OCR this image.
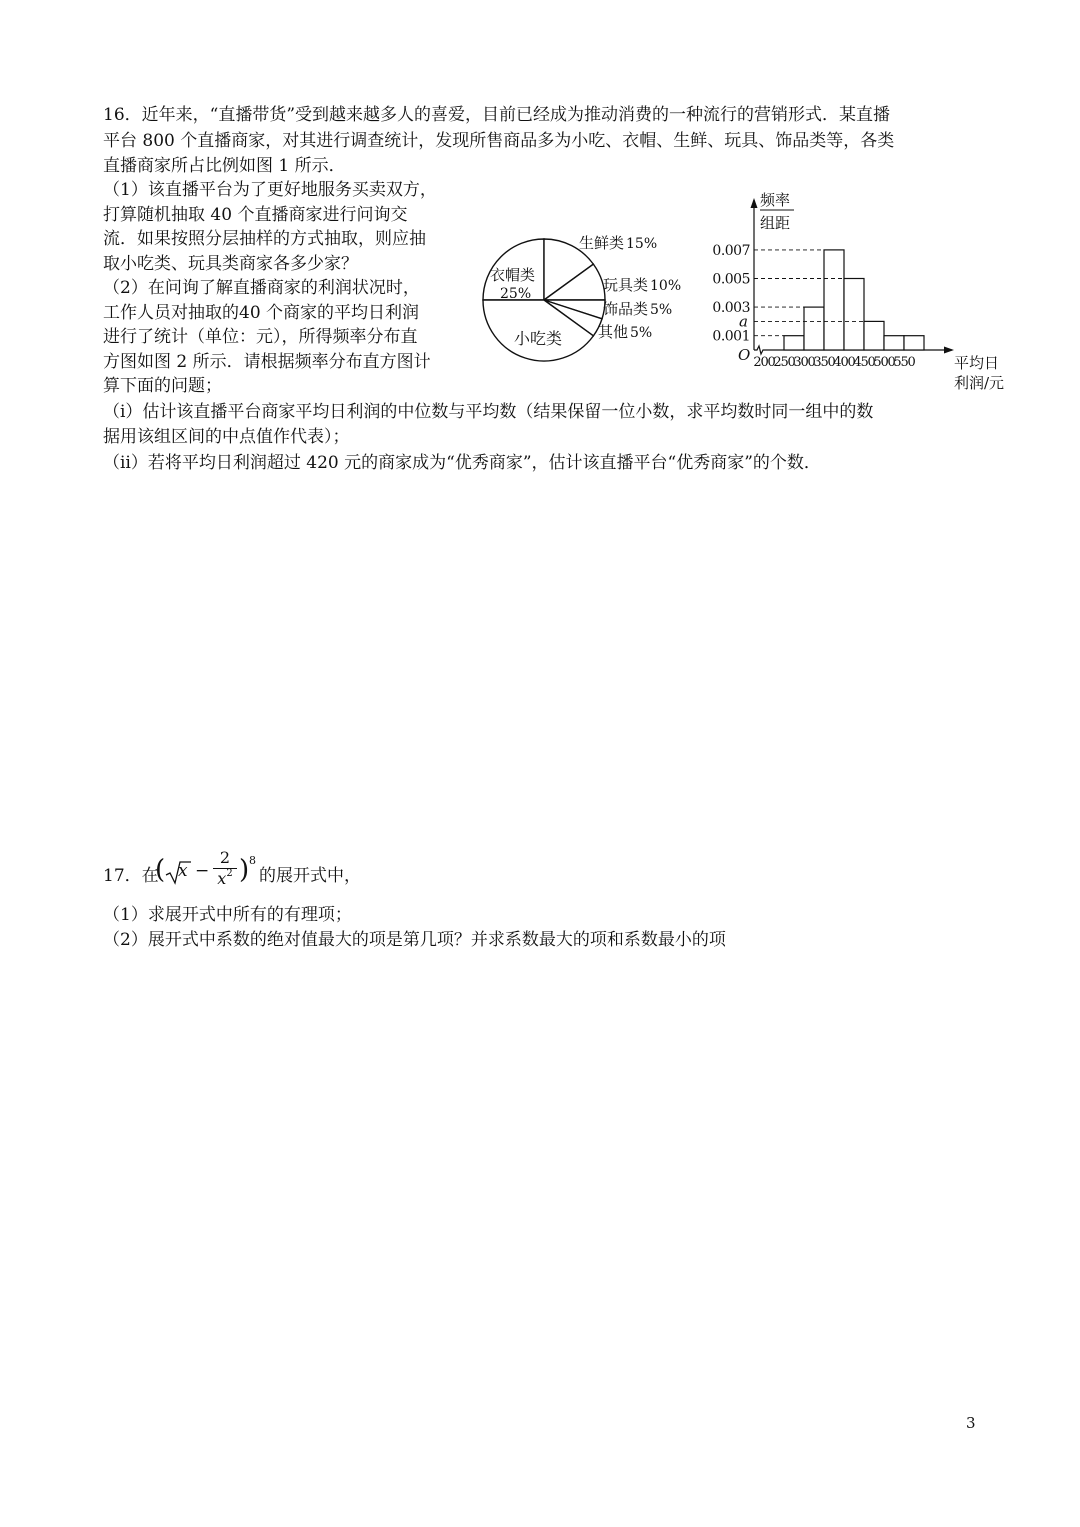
16．近年来，“直播带货”受到越来越多人的喜爱，目前已经成为推动消费的一种流行的营销形式．某直播
平台 800 个直播商家，对其进行调查统计，发现所售商品多为小吃、衣帽、生鲜、玩具、饰品类等，各类
直播商家所占比例如图 1 所示．
（1）该直播平台为了更好地服务买卖双方，
打算随机抽取 40 个直播商家进行问询交
流．如果按照分层抽样的方式抽取，则应抽
取小吃类、玩具类商家各多少家？
（2）在问询了解直播商家的利润状况时，
工作人员对抽取的40 个商家的平均日利润
进行了统计（单位：元），所得频率分布直
方图如图 2 所示．请根据频率分布直方图计
算下面的问题；
衣帽类
25%
生鲜类 15%
玩具类 10%
饰品类 5%
其他 5%
小吃类
0.007
0.005
0.003
0.001
a
O 200
250
300
350
400
450
500
550
频率
组距
平均日
利润/元
（ⅰ）估计该直播平台商家平均日利润的中位数与平均数（结果保留一位小数，求平均数时同一组中的数
据用该组区间的中点值作代表）；
（ⅱ）若将平均日利润超过 420 元的商家成为“优秀商家”，估计该直播平台“优秀商家”的个数．
17．在
( x −
2
$x^2$ ) 8
的展开式中，
（1）求展开式中所有的有理项；
（2）展开式中系数的绝对值最大的项是第几项？并求系数最大的项和系数最小的项
3
